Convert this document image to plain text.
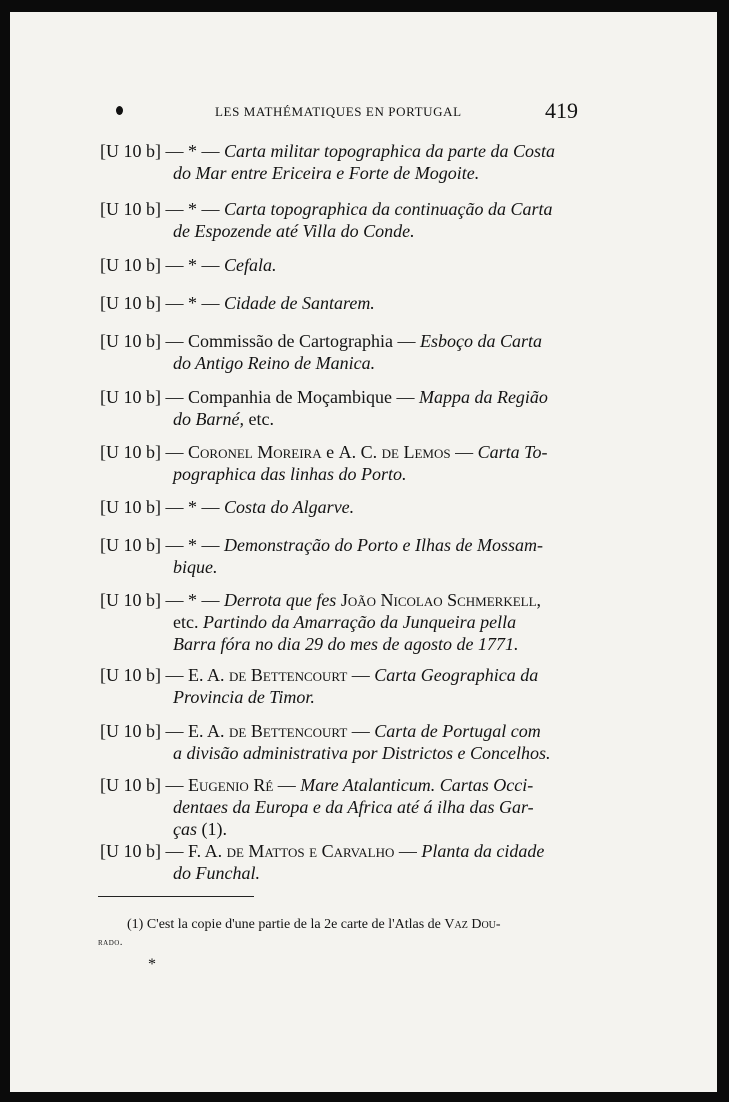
LES MATHÉMATIQUES EN PORTUGAL	419
[U 10 b] — * — Carta militar topographica da parte da Costa
do Mar entre Ericeira e Forte de Mogoite.
[U 10 b] — * — Carta topographica da continuação da Carta
de Espozende até Villa do Conde.
[U 10 b] — * — Cefala.
[U 10 b] — * — Cidade de Santarem.
[U 10 b] — Commissão de Cartographia — Esboço da Carta
do Antigo Reino de Manica.
[U 10 b] — Companhia de Moçambique — Mappa da Região
do Barné, etc.
[U 10 b] — Coronel Moreira e A. C. de Lemos — Carta To-
pographica das linhas do Porto.
[U 10 b] — * — Costa do Algarve.
[U 10 b] — * — Demonstração do Porto e Ilhas de Mossam-
bique.
[U 10 b] — * — Derrota que fes João Nicolao Schmerkell,
etc. Partindo da Amarração da Junqueira pella
Barra fóra no dia 29 do mes de agosto de 1771.
[U 10 b] — E. A. de Bettencourt — Carta Geographica da
Provincia de Timor.
[U 10 b] — E. A. de Bettencourt — Carta de Portugal com
a divisão administrativa por Districtos e Concelhos.
[U 10 b] — Eugenio Ré — Mare Atalanticum. Cartas Occi-
dentaes da Europa e da Africa até á ilha das Gar-
ças (1).
[U 10 b] — F. A. de Mattos e Carvalho — Planta da cidade
do Funchal.
(1) C'est la copie d'une partie de la 2e carte de l'Atlas de Vaz Dou-
rado.
*
